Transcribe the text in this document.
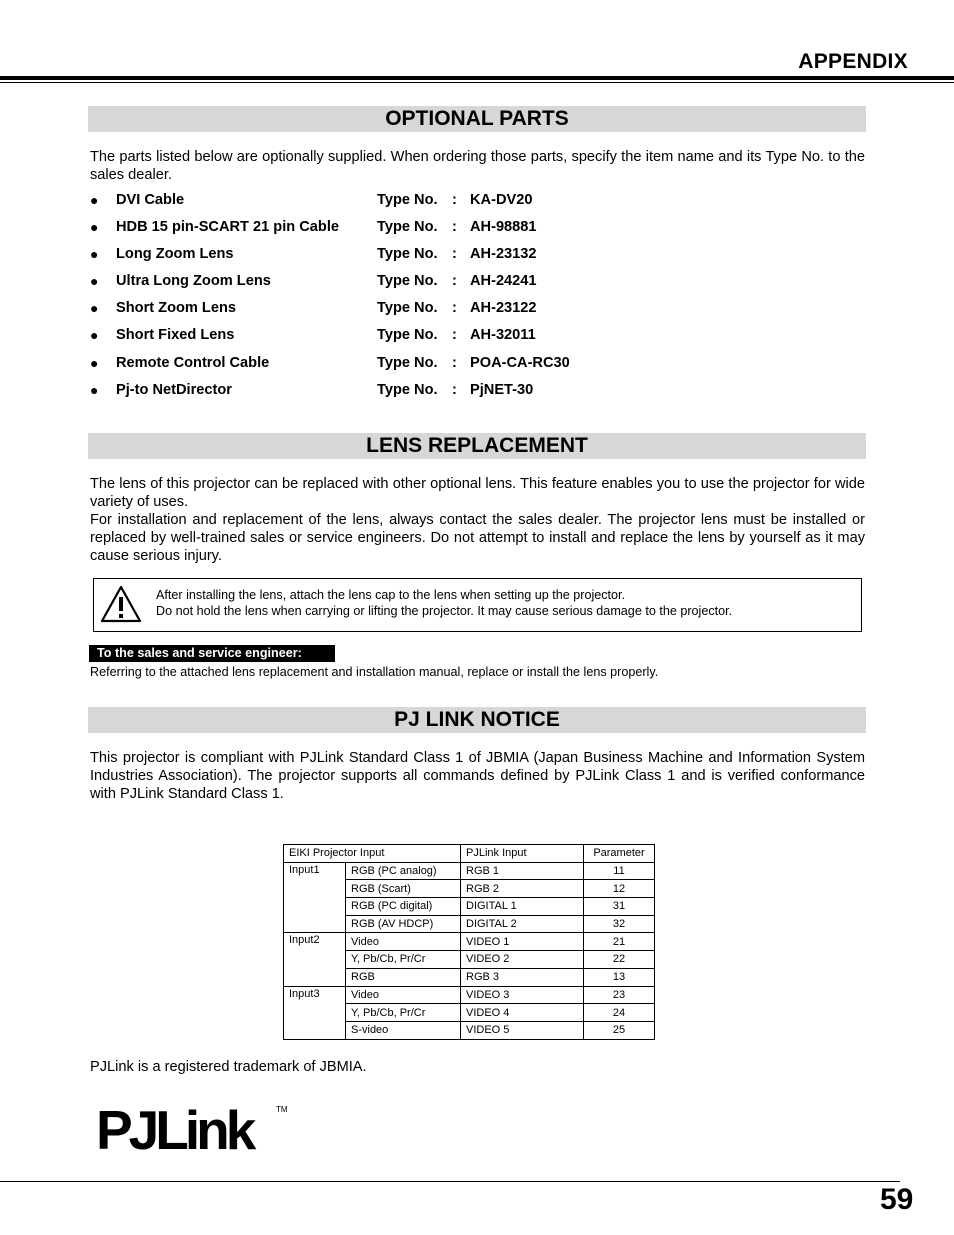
APPENDIX
OPTIONAL PARTS
The parts listed below are optionally supplied. When ordering those parts, specify the item name and its Type No. to the sales dealer.
● DVI Cable	Type No. : KA-DV20
● HDB 15 pin-SCART 21 pin Cable	Type No. : AH-98881
● Long Zoom Lens	Type No. : AH-23132
● Ultra Long Zoom Lens	Type No. : AH-24241
● Short Zoom Lens	Type No. : AH-23122
● Short Fixed Lens	Type No. : AH-32011
● Remote Control Cable	Type No. : POA-CA-RC30
● Pj-to NetDirector	Type No. : PjNET-30
LENS REPLACEMENT
The lens of this projector can be replaced with other optional lens. This feature enables you to use the projector for wide variety of uses.
For installation and replacement of the lens, always contact the sales dealer. The projector lens must be installed or replaced by well-trained sales or service engineers. Do not attempt to install and replace the lens by yourself as it may cause serious injury.
After installing the lens, attach the lens cap to the lens when setting up the projector.
Do not hold the lens when carrying or lifting the projector. It may cause serious damage to the projector.
To the sales and service engineer:
Referring to the attached lens replacement and installation manual, replace or install the lens properly.
PJ LINK NOTICE
This projector is compliant with PJLink Standard Class 1 of JBMIA (Japan Business Machine and Information System Industries Association). The projector supports all commands defined by PJLink Class 1 and is verified conformance with PJLink Standard Class 1.
EIKI Projector Input		PJLink Input	Parameter
Input1	RGB (PC analog)	RGB 1	11
	RGB (Scart)	RGB 2	12
	RGB (PC digital)	DIGITAL 1	31
	RGB (AV HDCP)	DIGITAL 2	32
Input2	Video	VIDEO 1	21
	Y, Pb/Cb, Pr/Cr	VIDEO 2	22
	RGB	RGB 3	13
Input3	Video	VIDEO 3	23
	Y, Pb/Cb, Pr/Cr	VIDEO 4	24
	S-video	VIDEO 5	25
PJLink is a registered trademark of JBMIA.
PJLink	TM
59
